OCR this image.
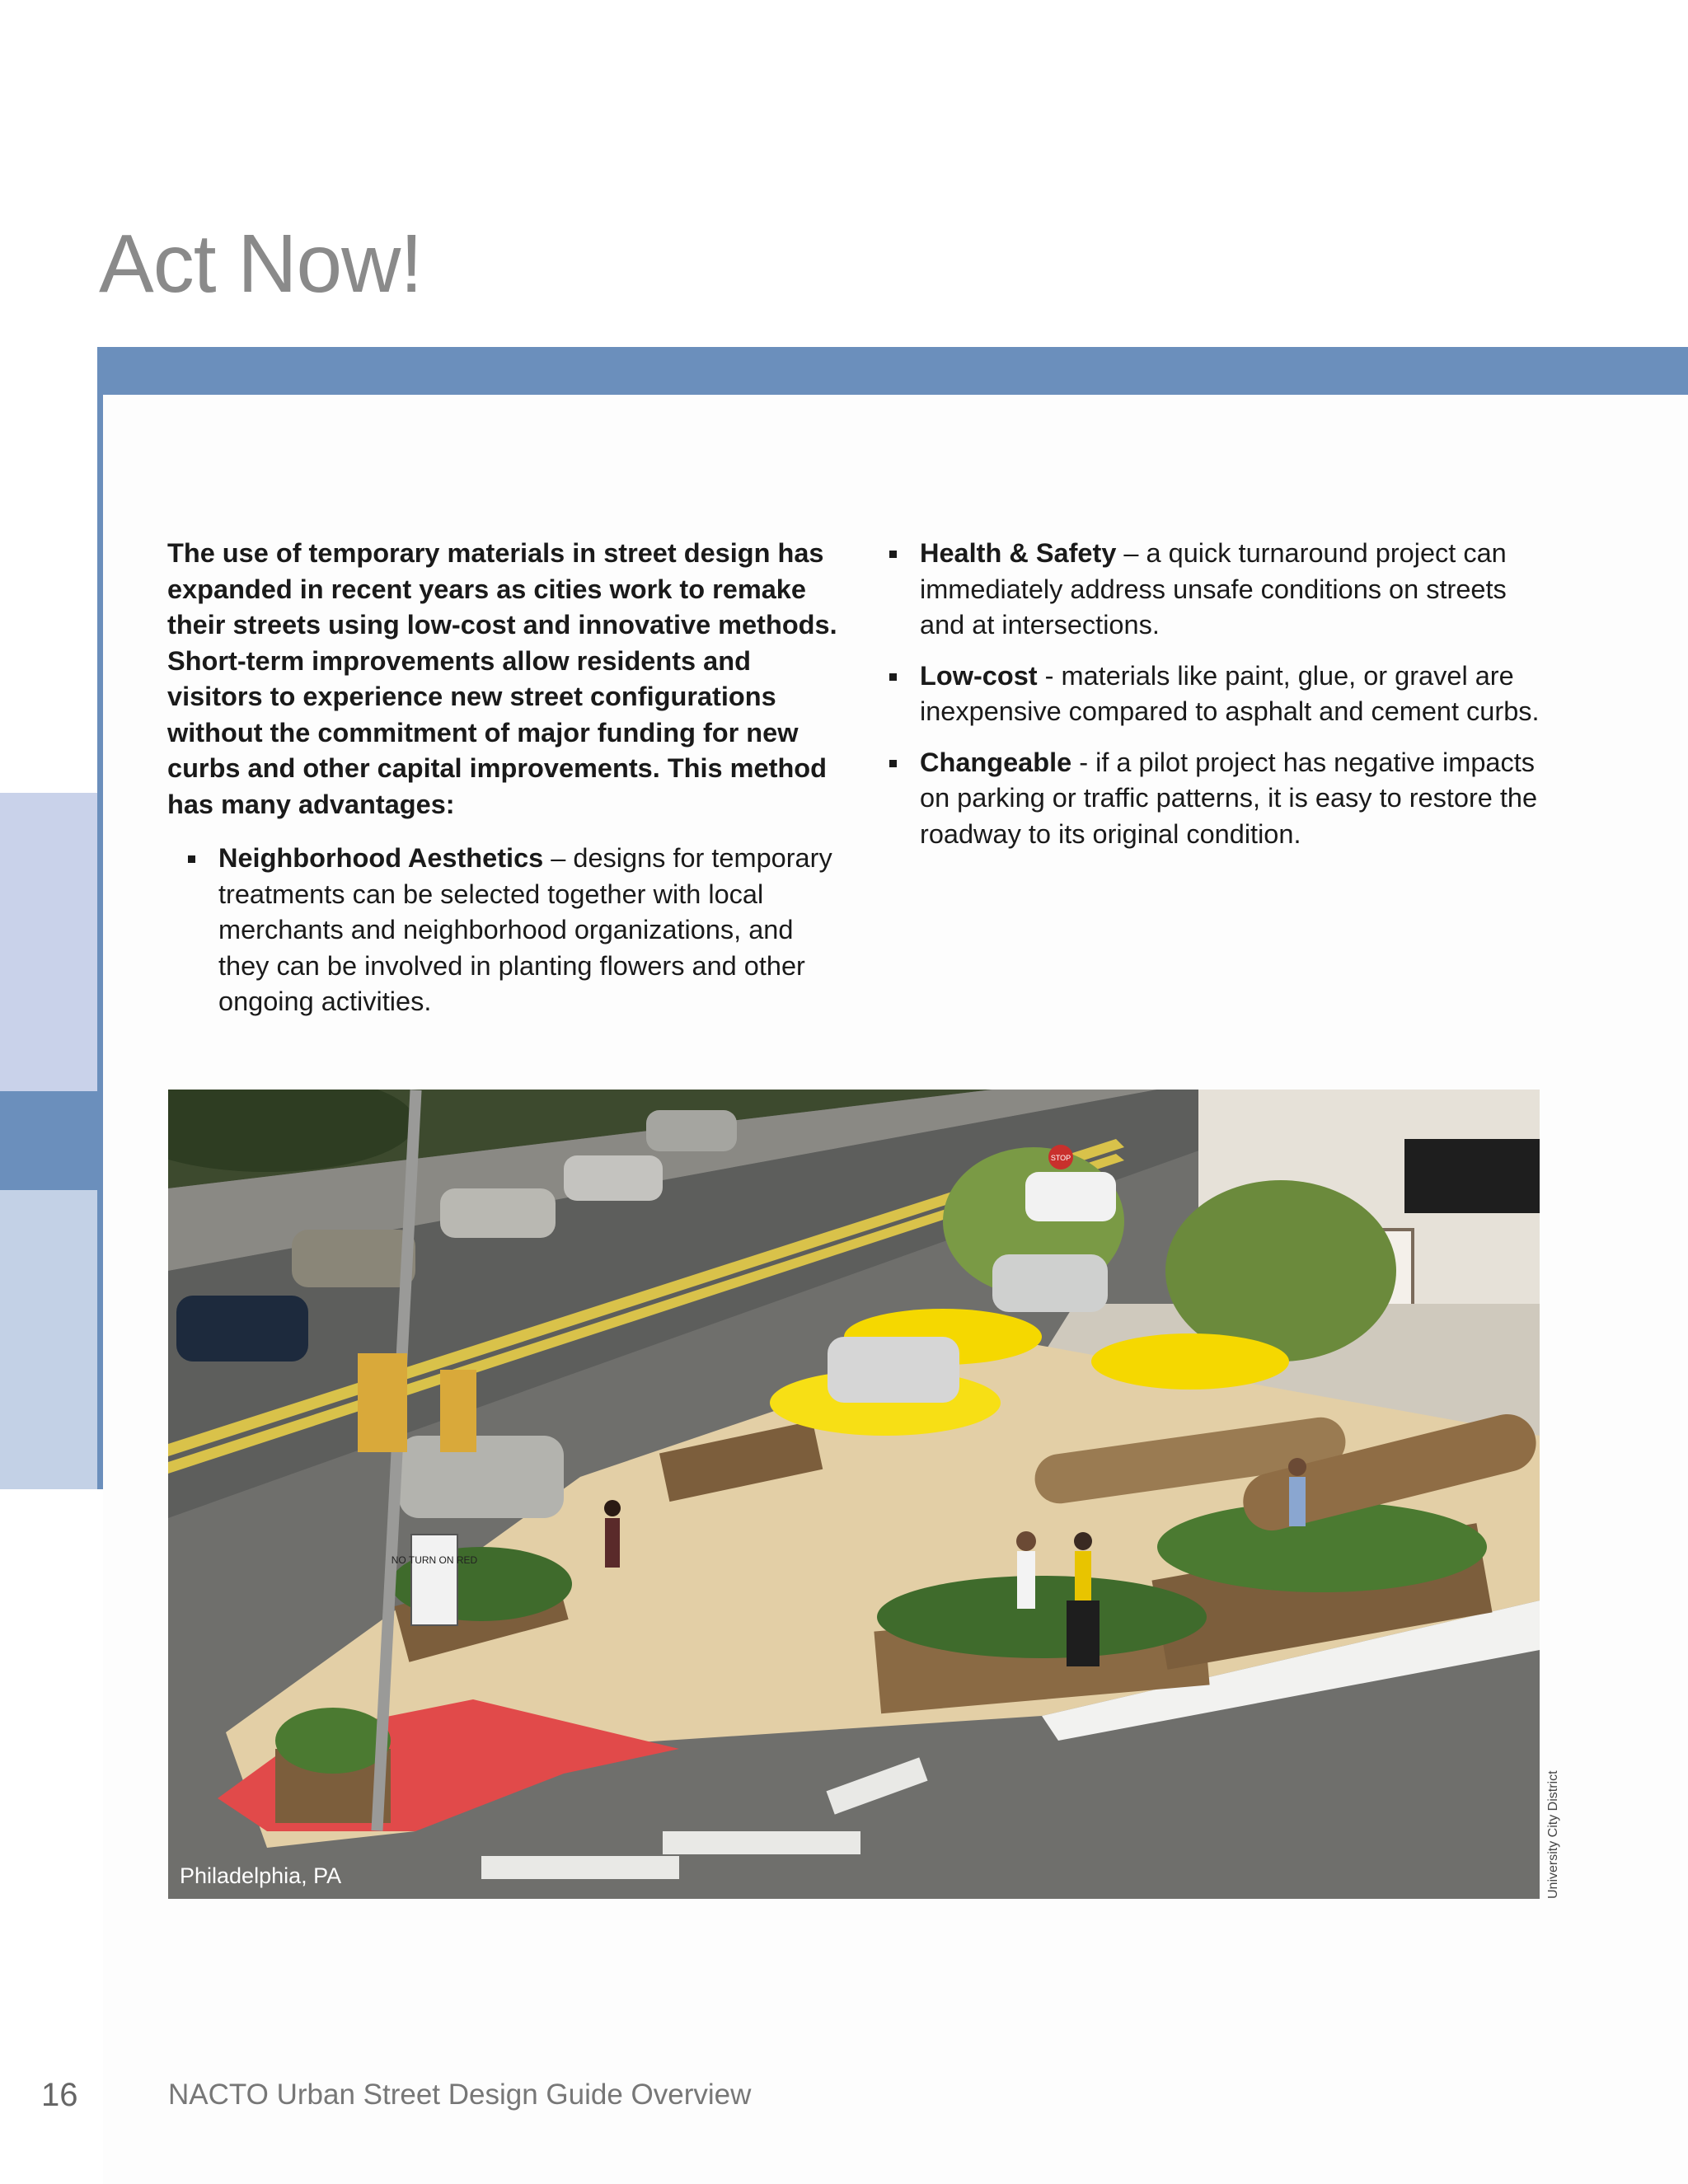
Act Now!

The use of temporary materials in street design has expanded in recent years as cities work to remake their streets using low-cost and innovative methods. Short-term improvements allow residents and visitors to experience new street configurations without the commitment of major funding for new curbs and other capital improvements. This method has many advantages:

Neighborhood Aesthetics – designs for temporary treatments can be selected together with local merchants and neighborhood organizations, and they can be involved in planting flowers and other ongoing activities.
Health & Safety – a quick turnaround project can immediately address unsafe conditions on streets and at intersections.
Low-cost - materials like paint, glue, or gravel are inexpensive compared to asphalt and cement curbs.
Changeable - if a pilot project has negative impacts on parking or traffic patterns, it is easy to restore the roadway to its original condition.
NO TURN ON RED
STOP
Philadelphia, PA	University City District
16	NACTO Urban Street Design Guide Overview
